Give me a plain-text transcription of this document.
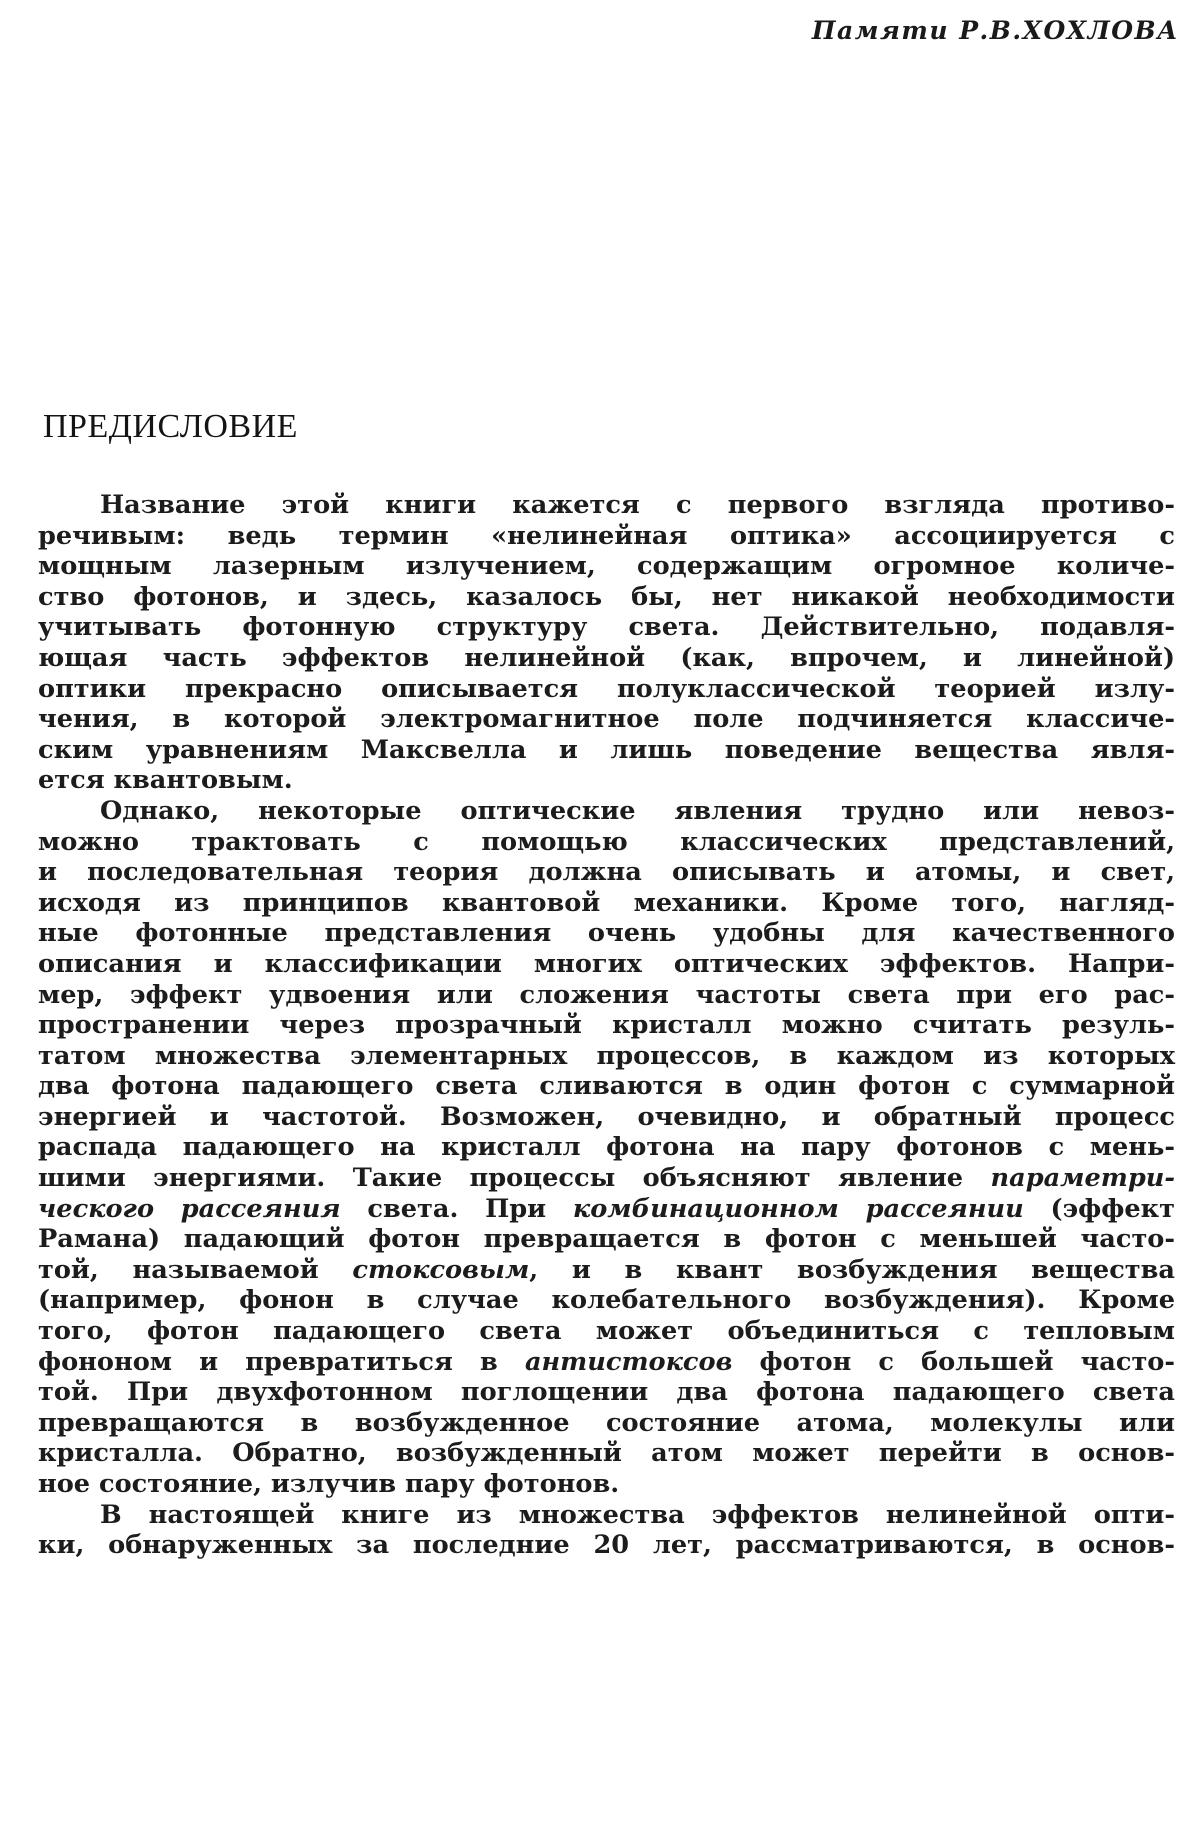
Памяти Р.В.ХОХЛОВА

ПРЕДИСЛОВИЕ
Название этой книги кажется с первого взгляда противо-
речивым: ведь термин «нелинейная оптика» ассоциируется с
мощным лазерным излучением, содержащим огромное количе-
ство фотонов, и здесь, казалось бы, нет никакой необходимости
учитывать фотонную структуру света. Действительно, подавля-
ющая часть эффектов нелинейной (как, впрочем, и линейной)
оптики прекрасно описывается полуклассической теорией излу-
чения, в которой электромагнитное поле подчиняется классиче-
ским уравнениям Максвелла и лишь поведение вещества явля-
ется квантовым.
Однако, некоторые оптические явления трудно или невоз-
можно трактовать с помощью классических представлений,
и последовательная теория должна описывать и атомы, и свет,
исходя из принципов квантовой механики. Кроме того, нагляд-
ные фотонные представления очень удобны для качественного
описания и классификации многих оптических эффектов. Напри-
мер, эффект удвоения или сложения частоты света при его рас-
пространении через прозрачный кристалл можно считать резуль-
татом множества элементарных процессов, в каждом из которых
два фотона падающего света сливаются в один фотон с суммарной
энергией и частотой. Возможен, очевидно, и обратный процесс
распада падающего на кристалл фотона на пару фотонов с мень-
шими энергиями. Такие процессы объясняют явление параметри-
ческого рассеяния света. При комбинационном рассеянии (эффект
Рамана) падающий фотон превращается в фотон с меньшей часто-
той, называемой стоксовым, и в квант возбуждения вещества
(например, фонон в случае колебательного возбуждения). Кроме
того, фотон падающего света может объединиться с тепловым
фононом и превратиться в антистоксов фотон с большей часто-
той. При двухфотонном поглощении два фотона падающего света
превращаются в возбужденное состояние атома, молекулы или
кристалла. Обратно, возбужденный атом может перейти в основ-
ное состояние, излучив пару фотонов.
В настоящей книге из множества эффектов нелинейной опти-
ки, обнаруженных за последние 20 лет, рассматриваются, в основ-
